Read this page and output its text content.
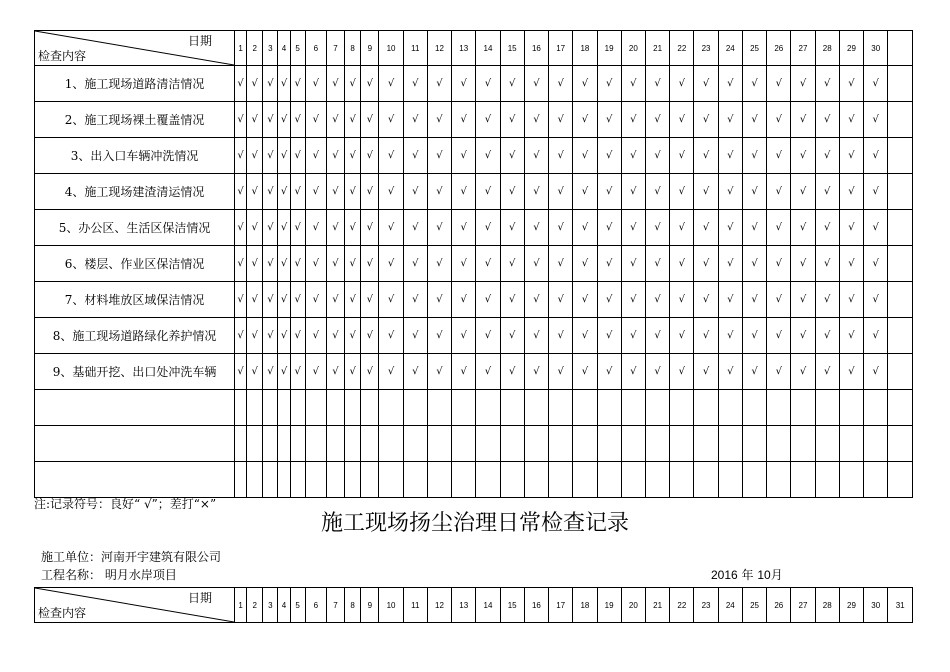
日期
检查内容	1	2	3	4	5	6	7	8	9	10	11	12	13	14	15	16	17	18	19	20	21	22	23	24	25	26	27	28	29	30	
1、施工现场道路清洁情况	√	√	√	√	√	√	√	√	√	√	√	√	√	√	√	√	√	√	√	√	√	√	√	√	√	√	√	√	√	√	
2、施工现场裸土覆盖情况	√	√	√	√	√	√	√	√	√	√	√	√	√	√	√	√	√	√	√	√	√	√	√	√	√	√	√	√	√	√	
3、出入口车辆冲洗情况	√	√	√	√	√	√	√	√	√	√	√	√	√	√	√	√	√	√	√	√	√	√	√	√	√	√	√	√	√	√	
4、施工现场建渣清运情况	√	√	√	√	√	√	√	√	√	√	√	√	√	√	√	√	√	√	√	√	√	√	√	√	√	√	√	√	√	√	
5、办公区、生活区保洁情况	√	√	√	√	√	√	√	√	√	√	√	√	√	√	√	√	√	√	√	√	√	√	√	√	√	√	√	√	√	√	
6、楼层、作业区保洁情况	√	√	√	√	√	√	√	√	√	√	√	√	√	√	√	√	√	√	√	√	√	√	√	√	√	√	√	√	√	√	
7、材料堆放区域保洁情况	√	√	√	√	√	√	√	√	√	√	√	√	√	√	√	√	√	√	√	√	√	√	√	√	√	√	√	√	√	√	
8、施工现场道路绿化养护情况	√	√	√	√	√	√	√	√	√	√	√	√	√	√	√	√	√	√	√	√	√	√	√	√	√	√	√	√	√	√	
9、基础开挖、出口处冲洗车辆	√	√	√	√	√	√	√	√	√	√	√	√	√	√	√	√	√	√	√	√	√	√	√	√	√	√	√	√	√	√	

注:记录符号：良好“ √”；差打“×”
施工现场扬尘治理日常检查记录
施工单位：河南开宇建筑有限公司
工程名称： 明月水岸项目	2016 年 10月
日期
检查内容
	1	2	3	4	5	6	7	8	9	10	11	12	13	14	15	16	17	18	19	20	21	22	23	24	25	26	27	28	29	30	31
